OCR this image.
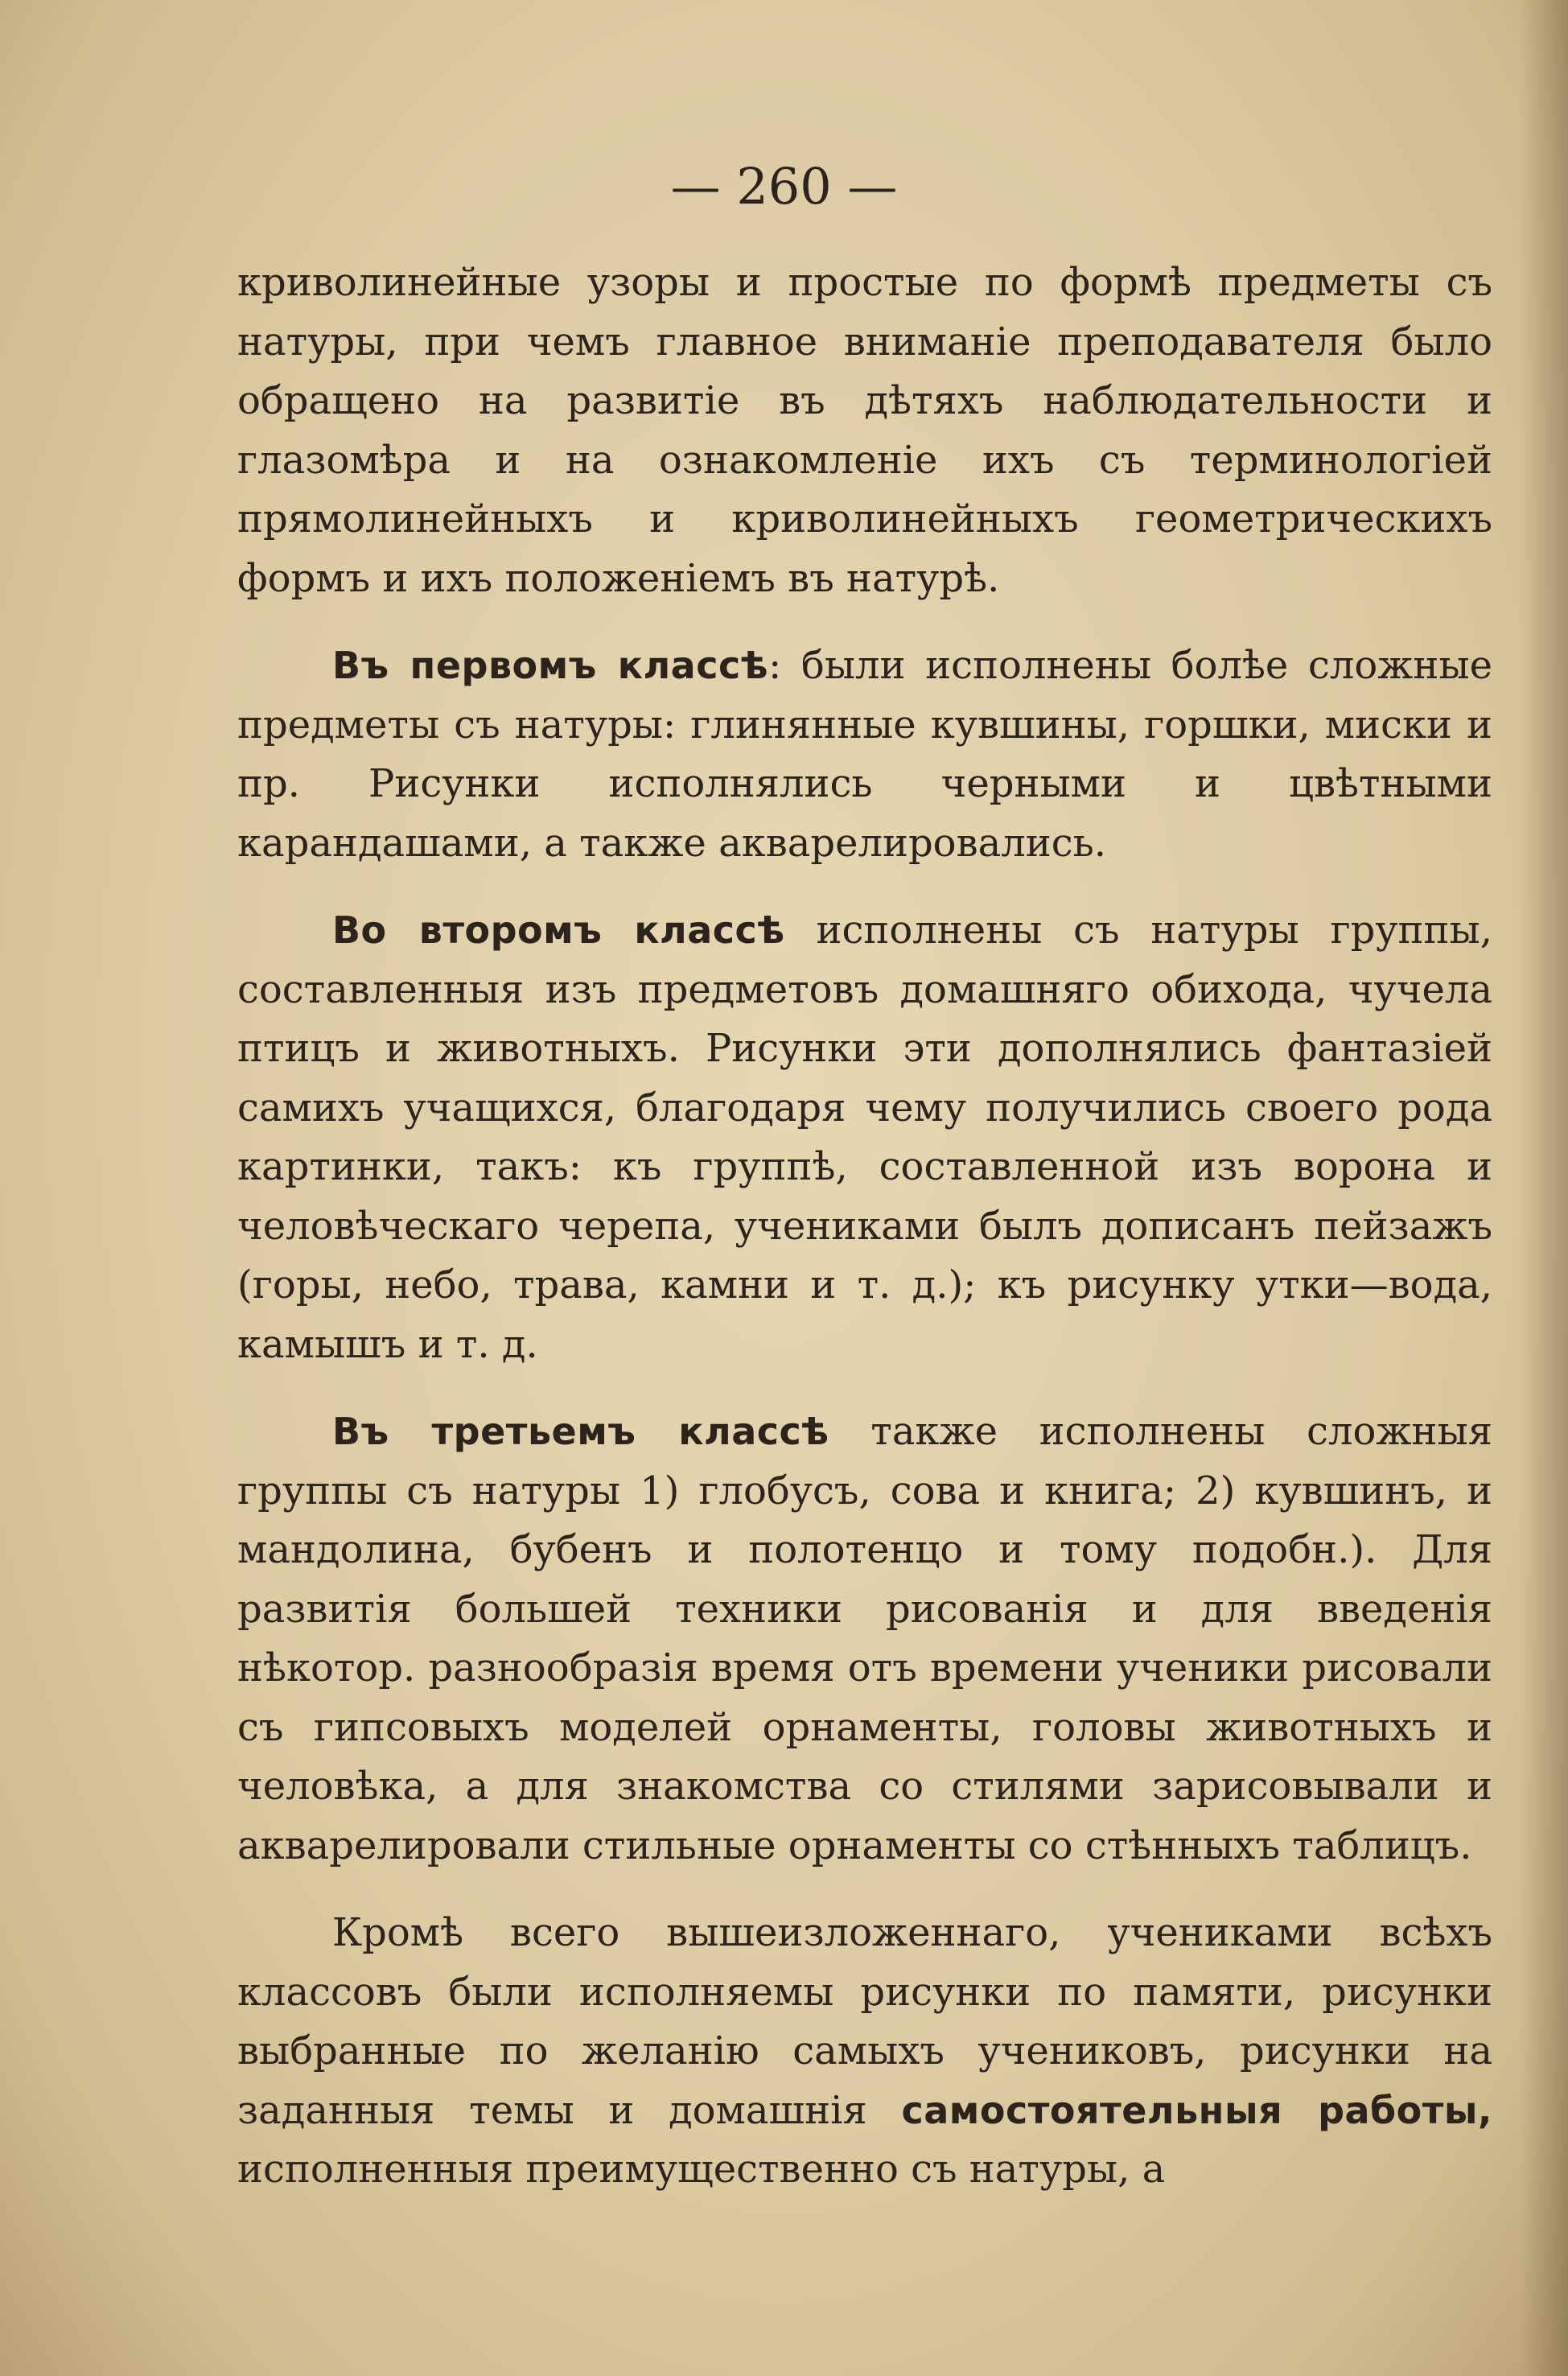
— 260 —

криволинейные узоры и простые по формѣ предметы съ натуры, при чемъ главное вниманіе преподавателя было обращено на развитіе въ дѣтяхъ наблюдательности и глазомѣра и на ознакомленіе ихъ съ терминологіей прямолинейныхъ и криволинейныхъ геометрическихъ формъ и ихъ положеніемъ въ натурѣ.

Въ первомъ классѣ: были исполнены болѣе сложные предметы съ натуры: глинянные кувшины, горшки, миски и пр. Рисунки исполнялись черными и цвѣтными карандашами, а также акварелировались.

Во второмъ классѣ исполнены съ натуры группы, составленныя изъ предметовъ домашняго обихода, чучела птицъ и животныхъ. Рисунки эти дополнялись фантазіей самихъ учащихся, благодаря чему получились своего рода картинки, такъ: къ группѣ, составленной изъ ворона и человѣческаго черепа, учениками былъ дописанъ пейзажъ (горы, небо, трава, камни и т. д.); къ рисунку утки—вода, камышъ и т. д.

Въ третьемъ классѣ также исполнены сложныя группы съ натуры 1) глобусъ, сова и книга; 2) кувшинъ, и мандолина, бубенъ и полотенцо и тому подобн.). Для развитія большей техники рисованія и для введенія нѣкотор. разнообразія время отъ времени ученики рисовали съ гипсовыхъ моделей орнаменты, головы животныхъ и человѣка, а для знакомства со стилями зарисовывали и акварелировали стильные орнаменты со стѣнныхъ таблицъ.

Кромѣ всего вышеизложеннаго, учениками всѣхъ классовъ были исполняемы рисунки по памяти, рисунки выбранные по желанію самыхъ учениковъ, рисунки на заданныя темы и домашнія самостоятельныя работы, исполненныя преимущественно съ натуры, а
